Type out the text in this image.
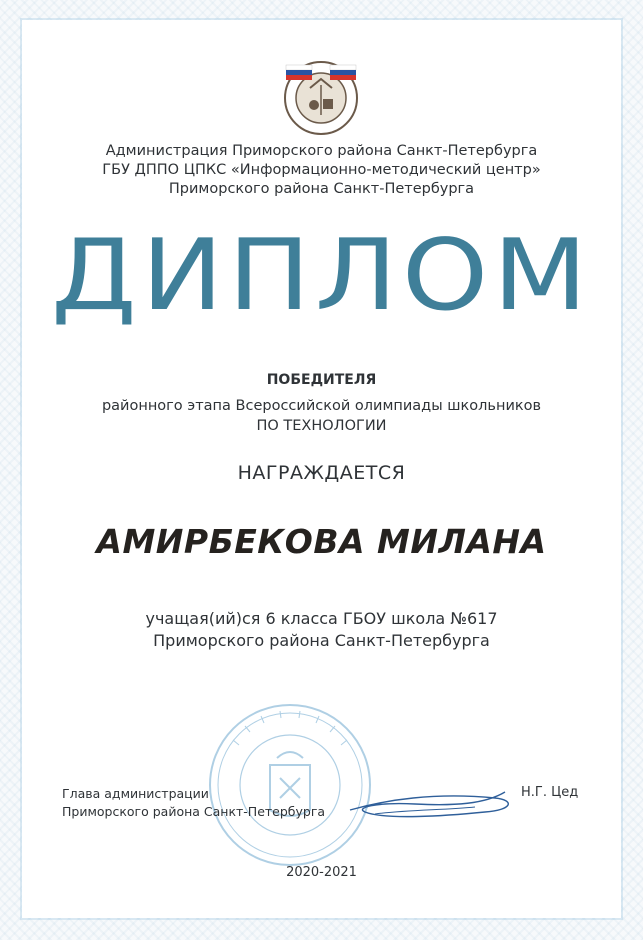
Администрация Приморского района Санкт-Петербурга
ГБУ ДППО ЦПКС «Информационно-методический центр»
Приморского района Санкт-Петербурга
ДИПЛОМ
ПОБЕДИТЕЛЯ
районного этапа Всероссийской олимпиады школьников
ПО ТЕХНОЛОГИИ
НАГРАЖДАЕТСЯ
АМИРБЕКОВА МИЛАНА
учащая(ий)ся 6 класса ГБОУ школа №617
Приморского района Санкт-Петербурга
Глава администрации
Приморского района Санкт-Петербурга
Н.Г. Цед
2020-2021
